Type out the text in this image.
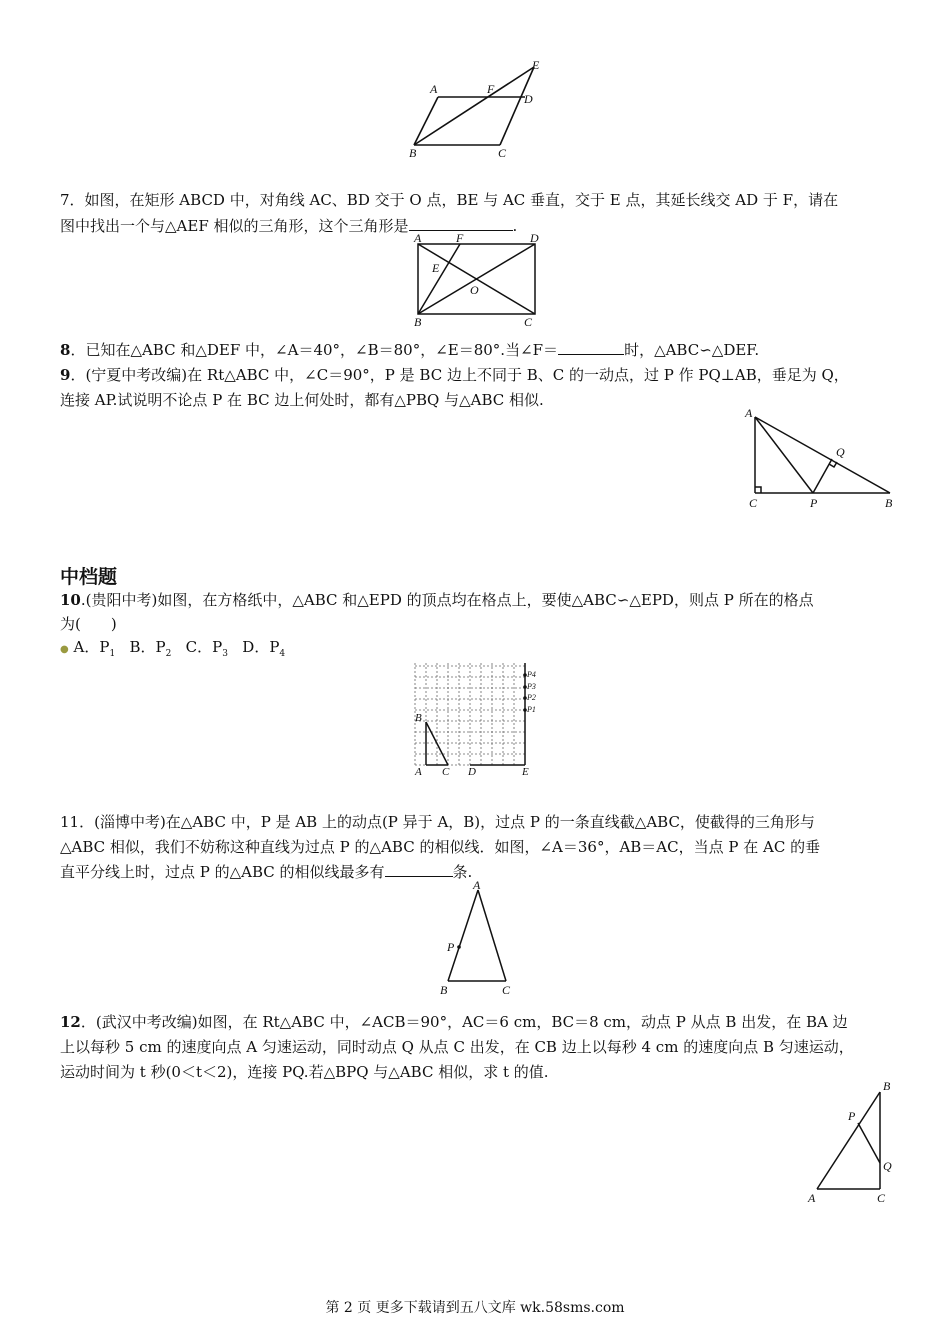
A	F
E
D
B	C
7．如图，在矩形 ABCD 中，对角线 AC、BD 交于 O 点，BE 与 AC 垂直，交于 E 点，其延长线交 AD 于 F，请在
图中找出一个与△AEF 相似的三角形，这个三角形是	.
A	F	D
E
O
B	C
8．已知在△ABC 和△DEF 中，∠A＝40°，∠B＝80°，∠E＝80°.当∠F＝	时，△ABC∽△DEF.
9．(宁夏中考改编)在 Rt△ABC 中，∠C＝90°，P 是 BC 边上不同于 B、C 的一动点，过 P 作 PQ⊥AB，垂足为 Q，
连接 AP.试说明不论点 P 在 BC 边上何处时，都有△PBQ 与△ABC 相似.
A
Q
C	P	B
中档题
10.(贵阳中考)如图，在方格纸中，△ABC 和△EPD 的顶点均在格点上，要使△ABC∽△EPD，则点 P 所在的格点
为(　　)
● A．$P_1$ B．$P_2$ C．$P_3$ D．$P_4$
B
A C D	E
P4
P3
P2
P1
11．(淄博中考)在△ABC 中，P 是 AB 上的动点(P 异于 A，B)，过点 P 的一条直线截△ABC，使截得的三角形与
△ABC 相似，我们不妨称这种直线为过点 P 的△ABC 的相似线．如图，∠A＝36°，AB＝AC，当点 P 在 AC 的垂
直平分线上时，过点 P 的△ABC 的相似线最多有	条.
A
P
B	C
12．(武汉中考改编)如图，在 Rt△ABC 中，∠ACB＝90°，AC＝6 cm，BC＝8 cm，动点 P 从点 B 出发，在 BA 边
上以每秒 5 cm 的速度向点 A 匀速运动，同时动点 Q 从点 C 出发，在 CB 边上以每秒 4 cm 的速度向点 B 匀速运动，
运动时间为 t 秒(0＜t＜2)，连接 PQ.若△BPQ 与△ABC 相似，求 t 的值.
B
P
Q
A	C
第 2 页 更多下载请到五八文库 wk.58sms.com
